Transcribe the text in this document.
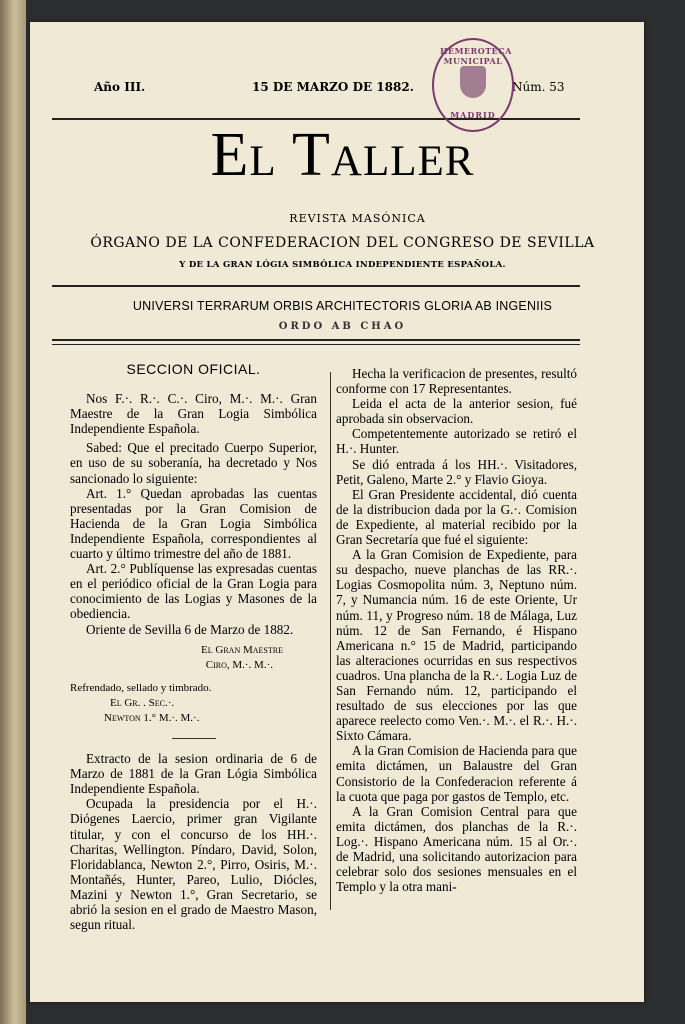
Año III.	15 DE MARZO DE 1882.	Núm. 53
HEMEROTECA MUNICIPAL
MADRID
El Taller
REVISTA MASÓNICA
ÓRGANO DE LA CONFEDERACION DEL CONGRESO DE SEVILLA
Y DE LA GRAN LÓGIA SIMBÓLICA INDEPENDIENTE ESPAÑOLA.
UNIVERSI TERRARUM ORBIS ARCHITECTORIS GLORIA AB INGENIIS
ORDO AB CHAO

SECCION OFICIAL.

Nos F.·. R.·. C.·. Ciro, M.·. M.·. Gran Maestre de la Gran Logia Simbólica Independiente Española.

Sabed: Que el precitado Cuerpo Superior, en uso de su soberanía, ha decretado y Nos sancionado lo siguiente:

Art. 1.° Quedan aprobadas las cuentas presentadas por la Gran Comision de Hacienda de la Gran Logia Simbólica Independiente Española, correspondientes al cuarto y último trimestre del año de 1881.

Art. 2.° Publíquense las expresadas cuentas en el periódico oficial de la Gran Logia para conocimiento de las Logias y Masones de la obediencia.

Oriente de Sevilla 6 de Marzo de 1882.

El Gran Maestre

Ciro, M.·. M.·.

Refrendado, sellado y timbrado.

El Gr. . Sec.·.

Newton 1.° M.·. M.·.

Extracto de la sesion ordinaria de 6 de Marzo de 1881 de la Gran Lógia Simbólica Independiente Española.

Ocupada la presidencia por el H.·. Diógenes Laercio, primer gran Vigilante titular, y con el concurso de los HH.·. Charitas, Wellington. Píndaro, David, Solon, Floridablanca, Newton 2.°, Pirro, Osiris, M.·. Montañés, Hunter, Pareo, Lulio, Diócles, Mazini y Newton 1.°, Gran Secretario, se abrió la sesion en el grado de Maestro Mason, segun ritual.

Hecha la verificacion de presentes, resultó conforme con 17 Representantes.

Leida el acta de la anterior sesion, fué aprobada sin observacion.

Competentemente autorizado se retiró el H.·. Hunter.

Se dió entrada á los HH.·. Visitadores, Petit, Galeno, Marte 2.° y Flavio Gioya.

El Gran Presidente accidental, dió cuenta de la distribucion dada por la G.·. Comision de Expediente, al material recibido por la Gran Secretaría que fué el siguiente:

A la Gran Comision de Expediente, para su despacho, nueve planchas de las RR.·. Logias Cosmopolita núm. 3, Neptuno núm. 7, y Numancia núm. 16 de este Oriente, Ur núm. 11, y Progreso núm. 18 de Málaga, Luz núm. 12 de San Fernando, é Hispano Americana n.° 15 de Madrid, participando las alteraciones ocurridas en sus respectivos cuadros. Una plancha de la R.·. Logia Luz de San Fernando núm. 12, participando el resultado de sus elecciones por las que aparece reelecto como Ven.·. M.·. el R.·. H.·. Sixto Cámara.

A la Gran Comision de Hacienda para que emita dictámen, un Balaustre del Gran Consistorio de la Confederacion referente á la cuota que paga por gastos de Templo, etc.

A la Gran Comision Central para que emita dictámen, dos planchas de la R.·. Log.·. Hispano Americana núm. 15 al Or.·. de Madrid, una solicitando autorizacion para celebrar solo dos sesiones mensuales en el Templo y la otra mani-
